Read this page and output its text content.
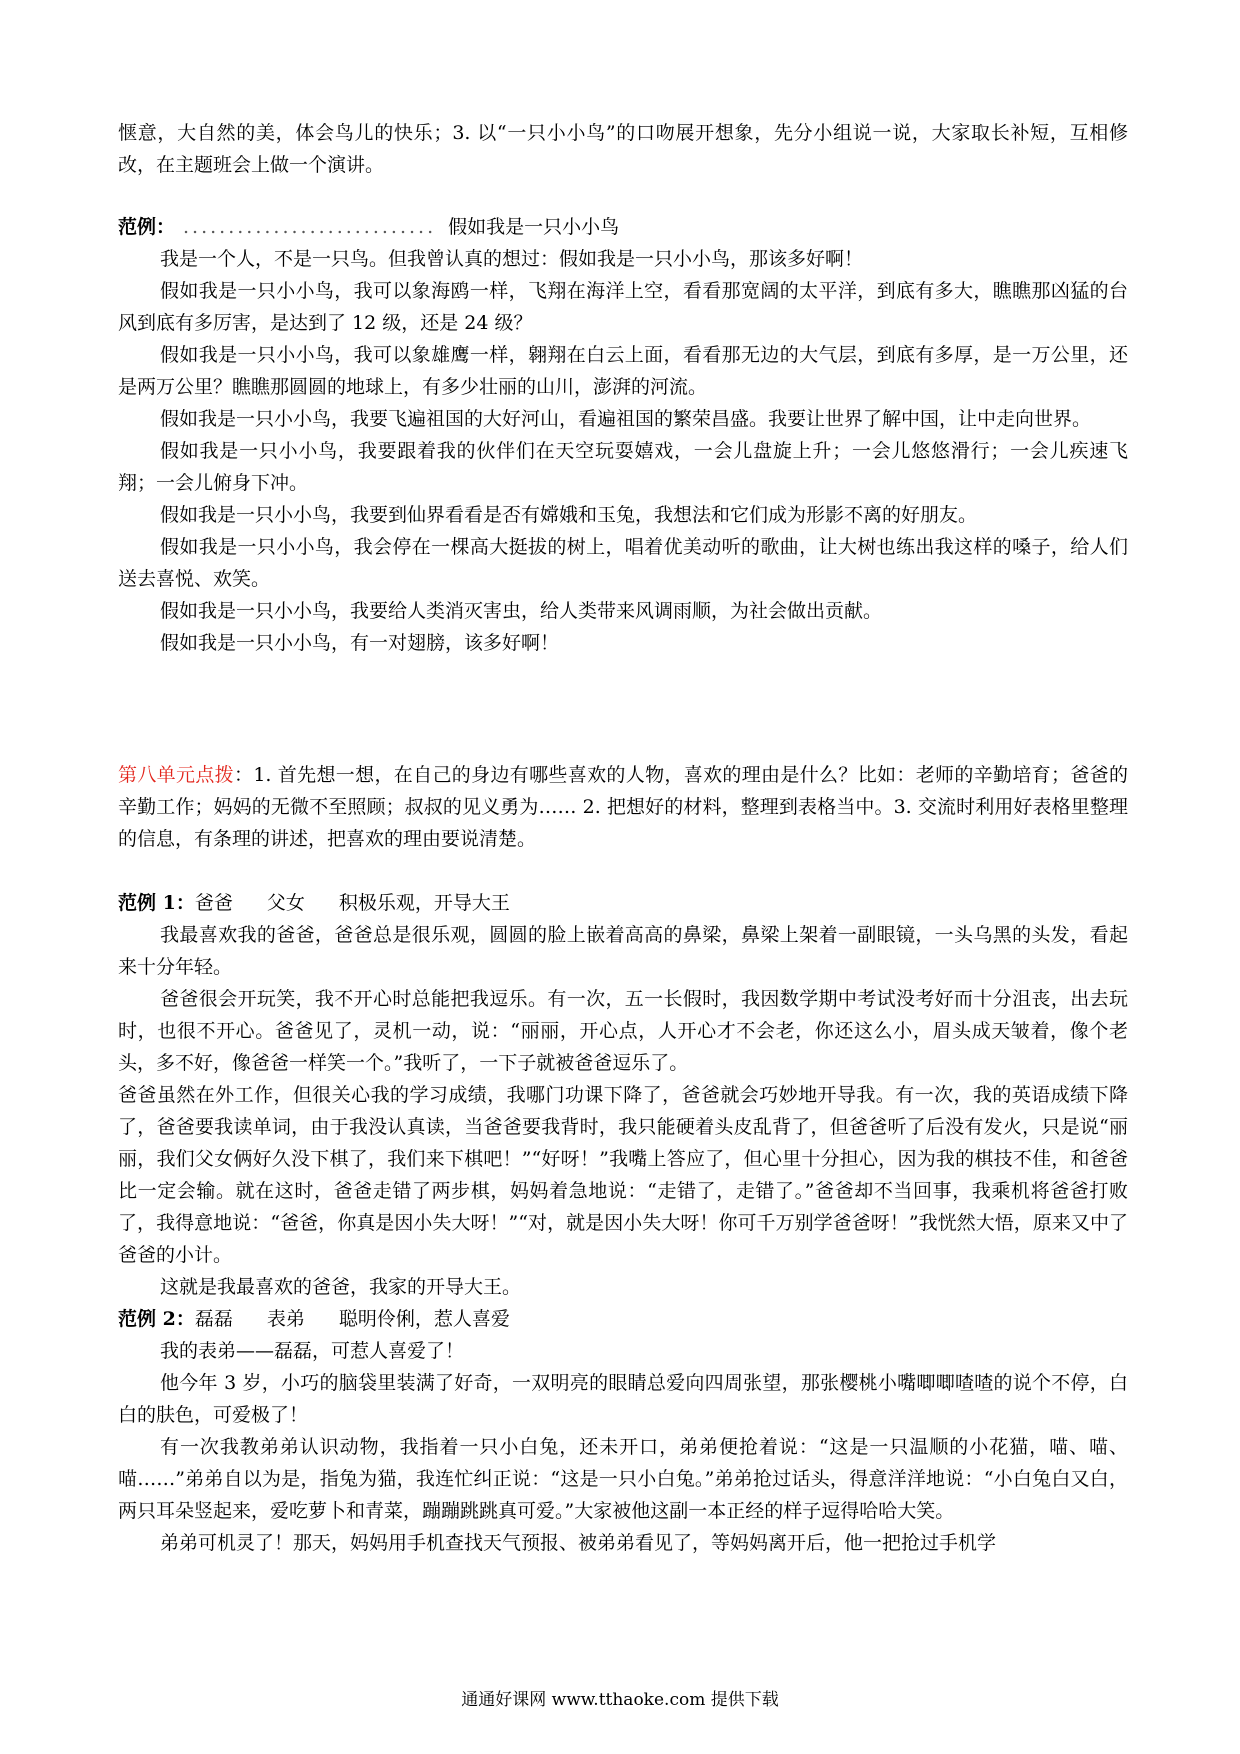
惬意，大自然的美，体会鸟儿的快乐；3. 以“一只小小鸟”的口吻展开想象，先分小组说一说，大家取长补短，互相修改，在主题班会上做一个演讲。

范例： ............................ 假如我是一只小小鸟

我是一个人，不是一只鸟。但我曾认真的想过：假如我是一只小小鸟，那该多好啊！

假如我是一只小小鸟，我可以象海鸥一样，飞翔在海洋上空，看看那宽阔的太平洋，到底有多大，瞧瞧那凶猛的台风到底有多厉害，是达到了 12 级，还是 24 级？

假如我是一只小小鸟，我可以象雄鹰一样，翱翔在白云上面，看看那无边的大气层，到底有多厚，是一万公里，还是两万公里？瞧瞧那圆圆的地球上，有多少壮丽的山川，澎湃的河流。

假如我是一只小小鸟，我要飞遍祖国的大好河山，看遍祖国的繁荣昌盛。我要让世界了解中国，让中走向世界。

假如我是一只小小鸟，我要跟着我的伙伴们在天空玩耍嬉戏，一会儿盘旋上升；一会儿悠悠滑行；一会儿疾速飞翔；一会儿俯身下冲。

假如我是一只小小鸟，我要到仙界看看是否有嫦娥和玉兔，我想法和它们成为形影不离的好朋友。

假如我是一只小小鸟，我会停在一棵高大挺拔的树上，唱着优美动听的歌曲，让大树也练出我这样的嗓子，给人们送去喜悦、欢笑。

假如我是一只小小鸟，我要给人类消灭害虫，给人类带来风调雨顺，为社会做出贡献。

假如我是一只小小鸟，有一对翅膀，该多好啊！

第八单元点拨：1. 首先想一想，在自己的身边有哪些喜欢的人物，喜欢的理由是什么？比如：老师的辛勤培育；爸爸的辛勤工作；妈妈的无微不至照顾；叔叔的见义勇为…… 2. 把想好的材料，整理到表格当中。3. 交流时利用好表格里整理的信息，有条理的讲述，把喜欢的理由要说清楚。

范例 1：爸爸 父女 积极乐观，开导大王

我最喜欢我的爸爸，爸爸总是很乐观，圆圆的脸上嵌着高高的鼻梁，鼻梁上架着一副眼镜，一头乌黑的头发，看起来十分年轻。

爸爸很会开玩笑，我不开心时总能把我逗乐。有一次，五一长假时，我因数学期中考试没考好而十分沮丧，出去玩时，也很不开心。爸爸见了，灵机一动，说：“丽丽，开心点，人开心才不会老，你还这么小，眉头成天皱着，像个老头，多不好，像爸爸一样笑一个。”我听了，一下子就被爸爸逗乐了。

爸爸虽然在外工作，但很关心我的学习成绩，我哪门功课下降了，爸爸就会巧妙地开导我。有一次，我的英语成绩下降了，爸爸要我读单词，由于我没认真读，当爸爸要我背时，我只能硬着头皮乱背了，但爸爸听了后没有发火，只是说“丽丽，我们父女俩好久没下棋了，我们来下棋吧！”“好呀！”我嘴上答应了，但心里十分担心，因为我的棋技不佳，和爸爸比一定会输。就在这时，爸爸走错了两步棋，妈妈着急地说：“走错了，走错了。”爸爸却不当回事，我乘机将爸爸打败了，我得意地说：“爸爸，你真是因小失大呀！”“对，就是因小失大呀！你可千万别学爸爸呀！”我恍然大悟，原来又中了爸爸的小计。

这就是我最喜欢的爸爸，我家的开导大王。

范例 2：磊磊 表弟 聪明伶俐，惹人喜爱

我的表弟——磊磊，可惹人喜爱了！

他今年 3 岁，小巧的脑袋里装满了好奇，一双明亮的眼睛总爱向四周张望，那张樱桃小嘴唧唧喳喳的说个不停，白白的肤色，可爱极了！

有一次我教弟弟认识动物，我指着一只小白兔，还未开口，弟弟便抢着说：“这是一只温顺的小花猫，喵、喵、喵……”弟弟自以为是，指兔为猫，我连忙纠正说：“这是一只小白兔。”弟弟抢过话头，得意洋洋地说：“小白兔白又白，两只耳朵竖起来，爱吃萝卜和青菜，蹦蹦跳跳真可爱。”大家被他这副一本正经的样子逗得哈哈大笑。

弟弟可机灵了！那天，妈妈用手机查找天气预报、被弟弟看见了，等妈妈离开后，他一把抢过手机学

通通好课网 www.tthaoke.com 提供下载
